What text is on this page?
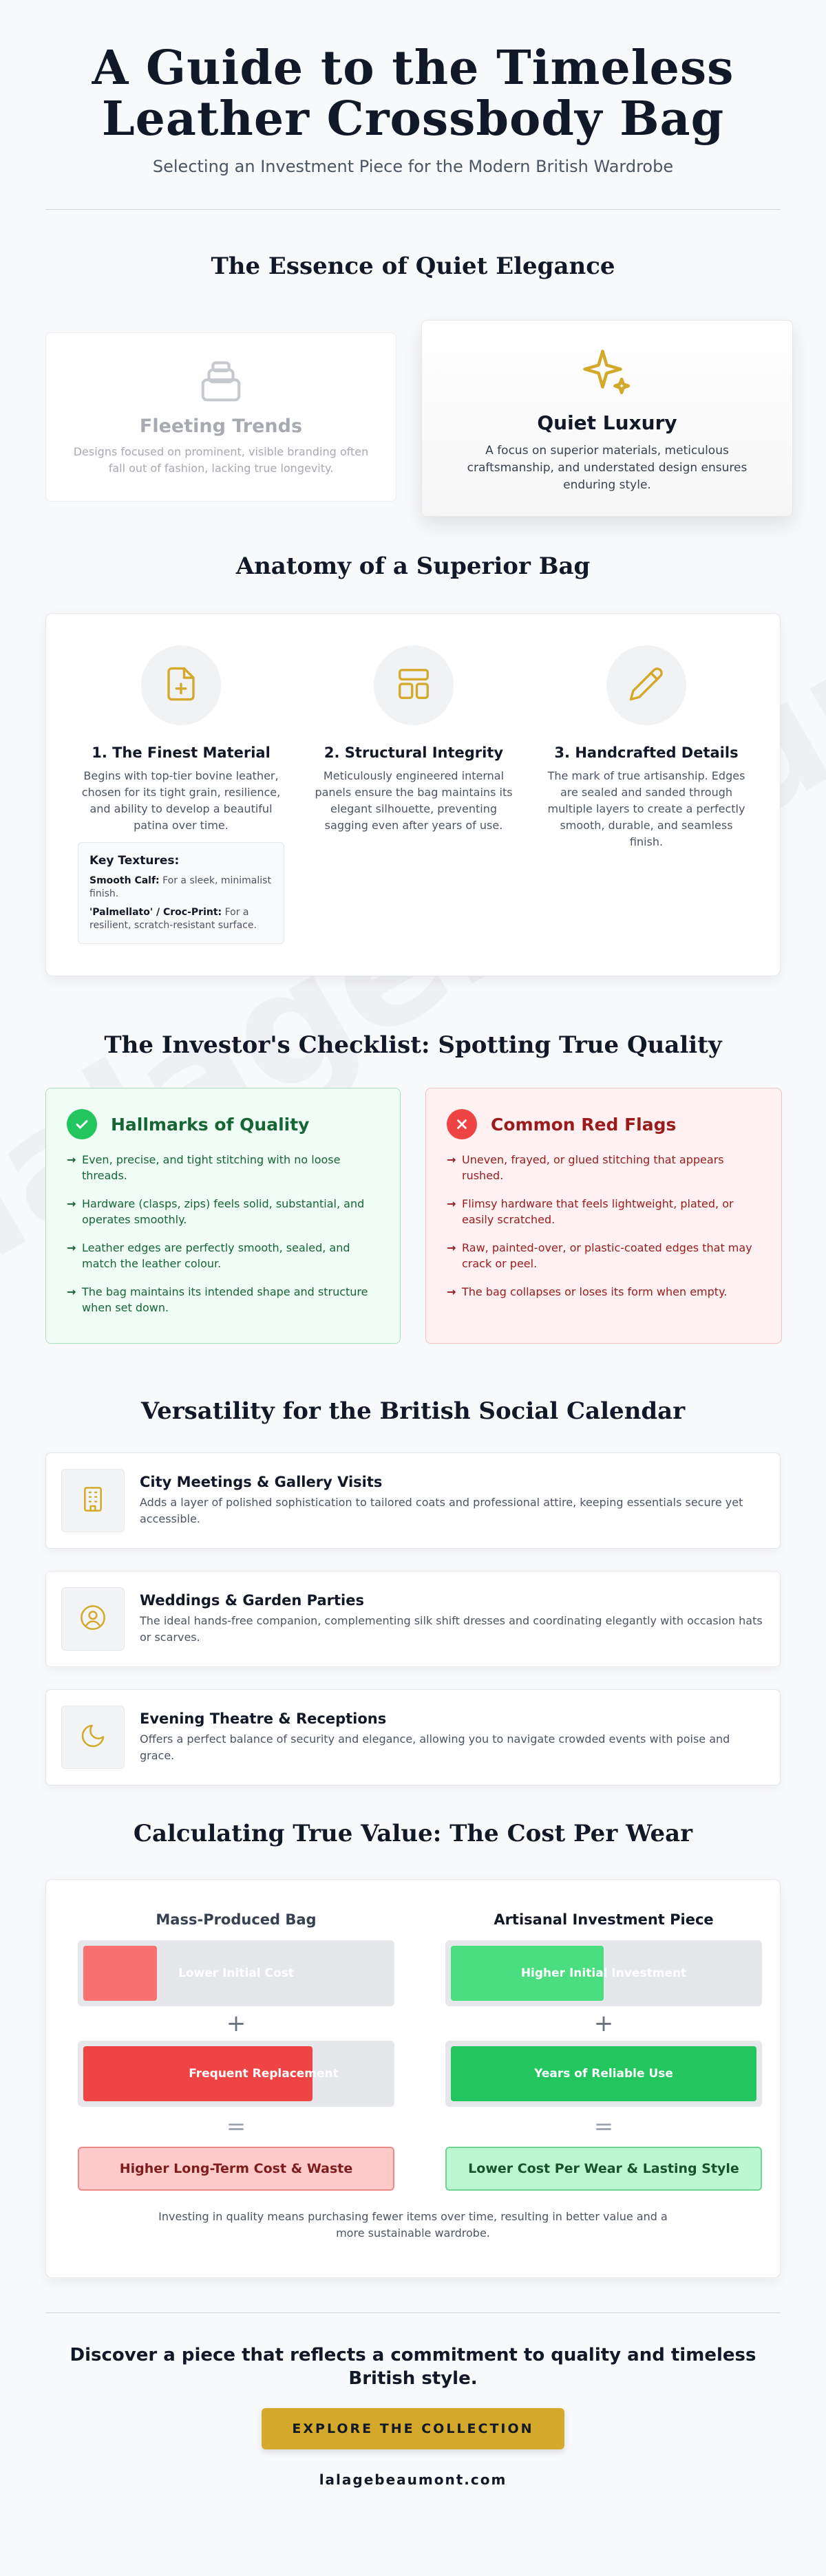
A Guide to the Timeless
Leather Crossbody Bag

Selecting an Investment Piece for the Modern British Wardrobe

The Essence of Quiet Elegance
Fleeting Trends

Designs focused on prominent, visible branding often fall out of fashion, lacking true longevity.

Quiet Luxury

A focus on superior materials, meticulous craftsmanship, and understated design ensures enduring style.

Anatomy of a Superior Bag
1. The Finest Material

Begins with top-tier bovine leather, chosen for its tight grain, resilience, and ability to develop a beautiful patina over time.

2. Structural Integrity

Meticulously engineered internal panels ensure the bag maintains its elegant silhouette, preventing sagging even after years of use.

3. Handcrafted Details

The mark of true artisanship. Edges are sealed and sanded through multiple layers to create a perfectly smooth, durable, and seamless finish.

Key Textures:

Smooth Calf: For a sleek, minimalist finish.

'Palmellato' / Croc-Print: For a resilient, scratch-resistant surface.

The Investor's Checklist: Spotting True Quality
Hallmarks of Quality
→ Even, precise, and tight stitching with no loose threads.
→ Hardware (clasps, zips) feels solid, substantial, and operates smoothly.
→ Leather edges are perfectly smooth, sealed, and match the leather colour.
→ The bag maintains its intended shape and structure when set down.
Common Red Flags
→ Uneven, frayed, or glued stitching that appears rushed.
→ Flimsy hardware that feels lightweight, plated, or easily scratched.
→ Raw, painted-over, or plastic-coated edges that may crack or peel.
→ The bag collapses or loses its form when empty.
Versatility for the British Social Calendar
City Meetings & Gallery Visits

Adds a layer of polished sophistication to tailored coats and professional attire, keeping essentials secure yet accessible.

Weddings & Garden Parties

The ideal hands-free companion, complementing silk shift dresses and coordinating elegantly with occasion hats or scarves.

Evening Theatre & Receptions

Offers a perfect balance of security and elegance, allowing you to navigate crowded events with poise and grace.

Calculating True Value: The Cost Per Wear
Mass-Produced Bag
Lower Initial Cost
+
Frequent Replacement
=
Higher Long-Term Cost & Waste
Artisanal Investment Piece
Higher Initial Investment
+
Years of Reliable Use
=
Lower Cost Per Wear & Lasting Style
Investing in quality means purchasing fewer items over time, resulting in better value and a more sustainable wardrobe.
Discover a piece that reflects a commitment to quality and timeless British style.
EXPLORE THE COLLECTION
lalagebeaumont.com
